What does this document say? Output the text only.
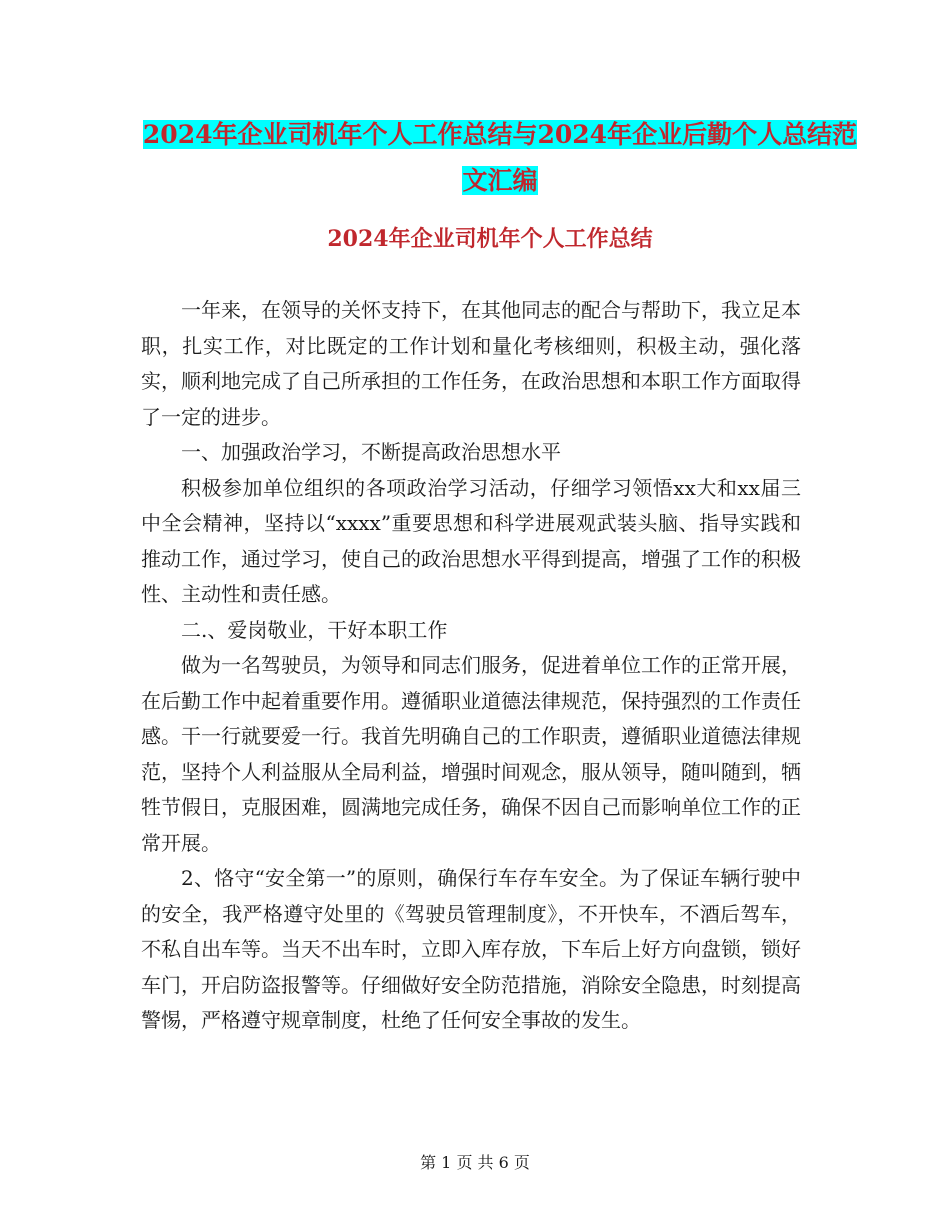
2024年企业司机年个人工作总结与2024年企业后勤个人总结范文汇编
2024年企业司机年个人工作总结

一年来，在领导的关怀支持下，在其他同志的配合与帮助下，我立足本职，扎实工作，对比既定的工作计划和量化考核细则，积极主动，强化落实，顺利地完成了自己所承担的工作任务，在政治思想和本职工作方面取得了一定的进步。

一、加强政治学习，不断提高政治思想水平

积极参加单位组织的各项政治学习活动，仔细学习领悟xx大和xx届三中全会精神，坚持以“xxxx”重要思想和科学进展观武装头脑、指导实践和推动工作，通过学习，使自己的政治思想水平得到提高，增强了工作的积极性、主动性和责任感。

二.、爱岗敬业，干好本职工作

做为一名驾驶员，为领导和同志们服务，促进着单位工作的正常开展，在后勤工作中起着重要作用。遵循职业道德法律规范，保持强烈的工作责任感。干一行就要爱一行。我首先明确自己的工作职责，遵循职业道德法律规范，坚持个人利益服从全局利益，增强时间观念，服从领导，随叫随到，牺牲节假日，克服困难，圆满地完成任务，确保不因自己而影响单位工作的正常开展。

2、恪守“安全第一”的原则，确保行车存车安全。为了保证车辆行驶中的安全，我严格遵守处里的《驾驶员管理制度》，不开快车，不酒后驾车，不私自出车等。当天不出车时，立即入库存放，下车后上好方向盘锁，锁好车门，开启防盗报警等。仔细做好安全防范措施，消除安全隐患，时刻提高警惕，严格遵守规章制度，杜绝了任何安全事故的发生。

第 1 页 共 6 页
